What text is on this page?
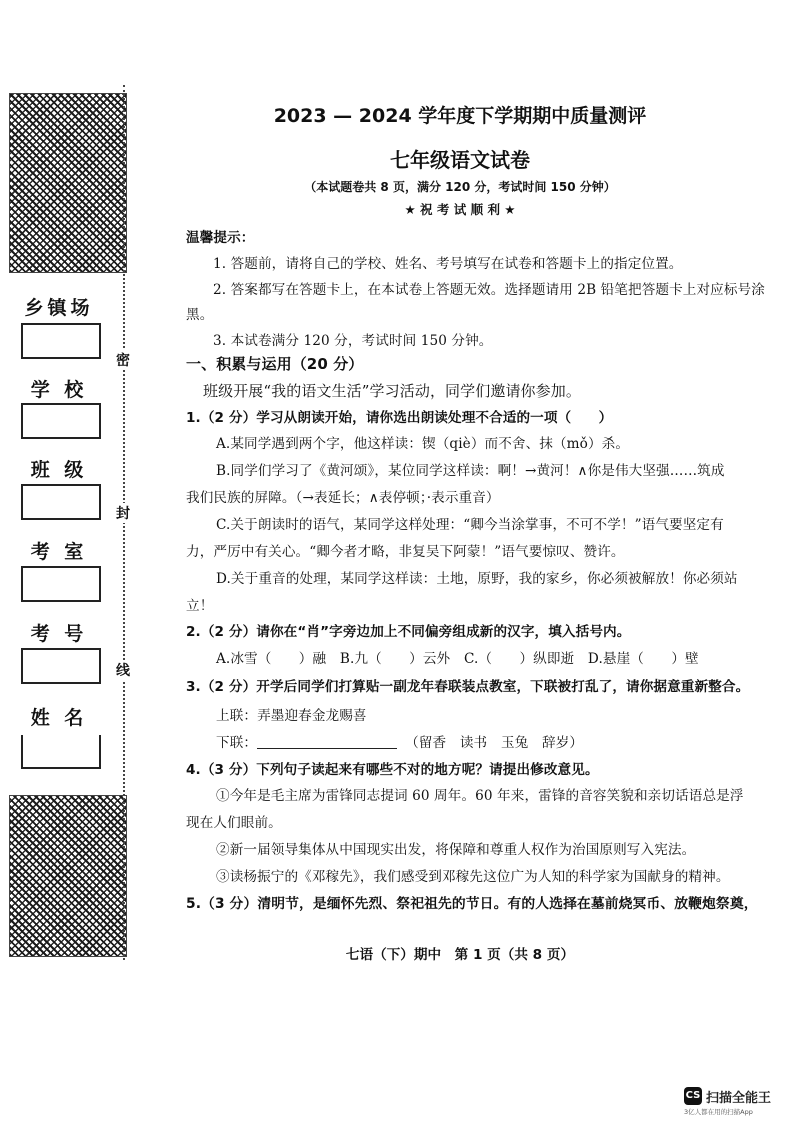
密
封
线
乡镇场
学 校
班 级
考 室
考 号
姓 名
2023 — 2024 学年度下学期期中质量测评
七年级语文试卷
（本试题卷共 8 页，满分 120 分，考试时间 150 分钟）
★ 祝 考 试 顺 利 ★
温馨提示：
1. 答题前，请将自己的学校、姓名、考号填写在试卷和答题卡上的指定位置。
2. 答案都写在答题卡上，在本试卷上答题无效。选择题请用 2B 铅笔把答题卡上对应标号涂
黑。
3. 本试卷满分 120 分，考试时间 150 分钟。
一、积累与运用（20 分）
班级开展“我的语文生活”学习活动，同学们邀请你参加。
1.（2 分）学习从朗读开始，请你选出朗读处理不合适的一项（　　）
A.某同学遇到两个字，他这样读：锲（qiè）而不舍、抹（mǒ）杀。
B.同学们学习了《黄河颂》，某位同学这样读：啊！→黄河！∧你是伟大坚强……筑成
我们民族的屏障。（→表延长；∧表停顿；·表示重音）
C.关于朗读时的语气，某同学这样处理：“卿今当涂掌事，不可不学！”语气要坚定有
力，严厉中有关心。“卿今者才略，非复吴下阿蒙！”语气要惊叹、赞许。
D.关于重音的处理，某同学这样读：土地，原野，我的家乡，你必须被解放！你必须站
立！
2.（2 分）请你在“肖”字旁边加上不同偏旁组成新的汉字，填入括号内。
A.冰雪（　　）融　B.九（　　）云外　C.（　　）纵即逝　D.悬崖（　　）壁
3.（2 分）开学后同学们打算贴一副龙年春联装点教室，下联被打乱了，请你据意重新整合。
上联：弄墨迎春金龙赐喜
下联：	（留香　读书　玉兔　辞岁）
4.（3 分）下列句子读起来有哪些不对的地方呢？请提出修改意见。
①今年是毛主席为雷锋同志提词 60 周年。60 年来，雷锋的音容笑貌和亲切话语总是浮
现在人们眼前。
②新一届领导集体从中国现实出发，将保障和尊重人权作为治国原则写入宪法。
③读杨振宁的《邓稼先》，我们感受到邓稼先这位广为人知的科学家为国献身的精神。
5.（3 分）清明节，是缅怀先烈、祭祀祖先的节日。有的人选择在墓前烧冥币、放鞭炮祭奠，
七语（下）期中　第 1 页（共 8 页）
CS 扫描全能王
3亿人都在用的扫描App
